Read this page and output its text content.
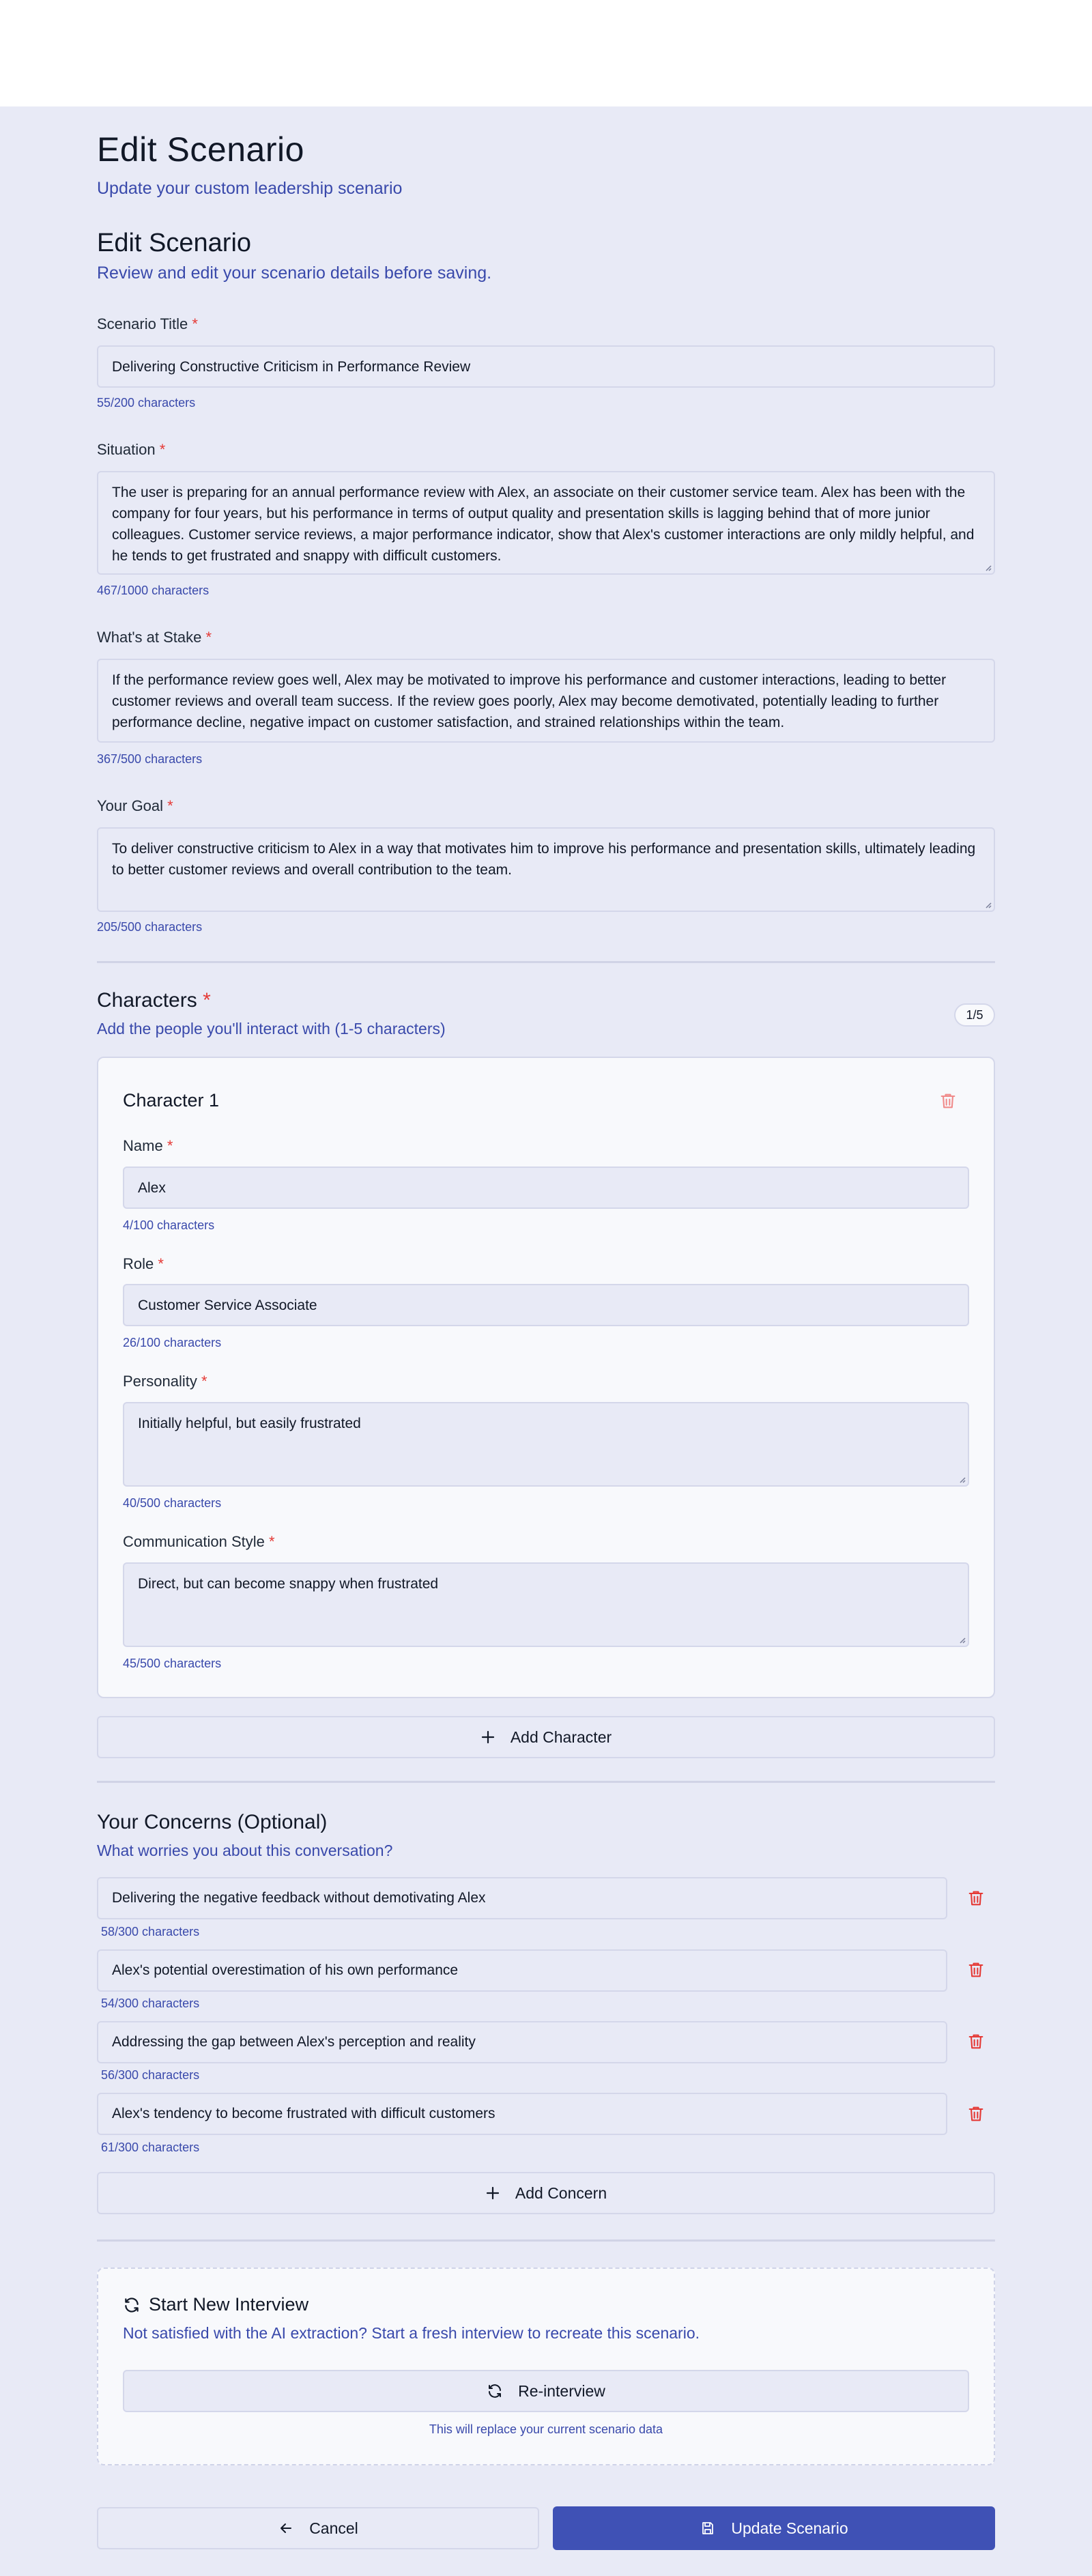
Edit Scenario
Update your custom leadership scenario
Edit Scenario
Review and edit your scenario details before saving.
Scenario Title *
Delivering Constructive Criticism in Performance Review
55/200 characters
Situation *
The user is preparing for an annual performance review with Alex, an associate on their customer service team. Alex has been with the company for four years, but his performance in terms of output quality and presentation skills is lagging behind that of more junior colleagues. Customer service reviews, a major performance indicator, show that Alex's customer interactions are only mildly helpful, and he tends to get frustrated and snappy with difficult customers.
467/1000 characters
What's at Stake *
If the performance review goes well, Alex may be motivated to improve his performance and customer interactions, leading to better customer reviews and overall team success. If the review goes poorly, Alex may become demotivated, potentially leading to further performance decline, negative impact on customer satisfaction, and strained relationships within the team.
367/500 characters
Your Goal *
To deliver constructive criticism to Alex in a way that motivates him to improve his performance and presentation skills, ultimately leading to better customer reviews and overall contribution to the team.
205/500 characters
Characters *
Add the people you'll interact with (1-5 characters)
1/5
Character 1
Name *
Alex
4/100 characters
Role *
Customer Service Associate
26/100 characters
Personality *
Initially helpful, but easily frustrated
40/500 characters
Communication Style *
Direct, but can become snappy when frustrated
45/500 characters
Add Character
Your Concerns (Optional)
What worries you about this conversation?
Delivering the negative feedback without demotivating Alex
58/300 characters
Alex's potential overestimation of his own performance
54/300 characters
Addressing the gap between Alex's perception and reality
56/300 characters
Alex's tendency to become frustrated with difficult customers
61/300 characters
Add Concern
Start New Interview
Not satisfied with the AI extraction? Start a fresh interview to recreate this scenario.
Re-interview
This will replace your current scenario data
Cancel	Update Scenario
